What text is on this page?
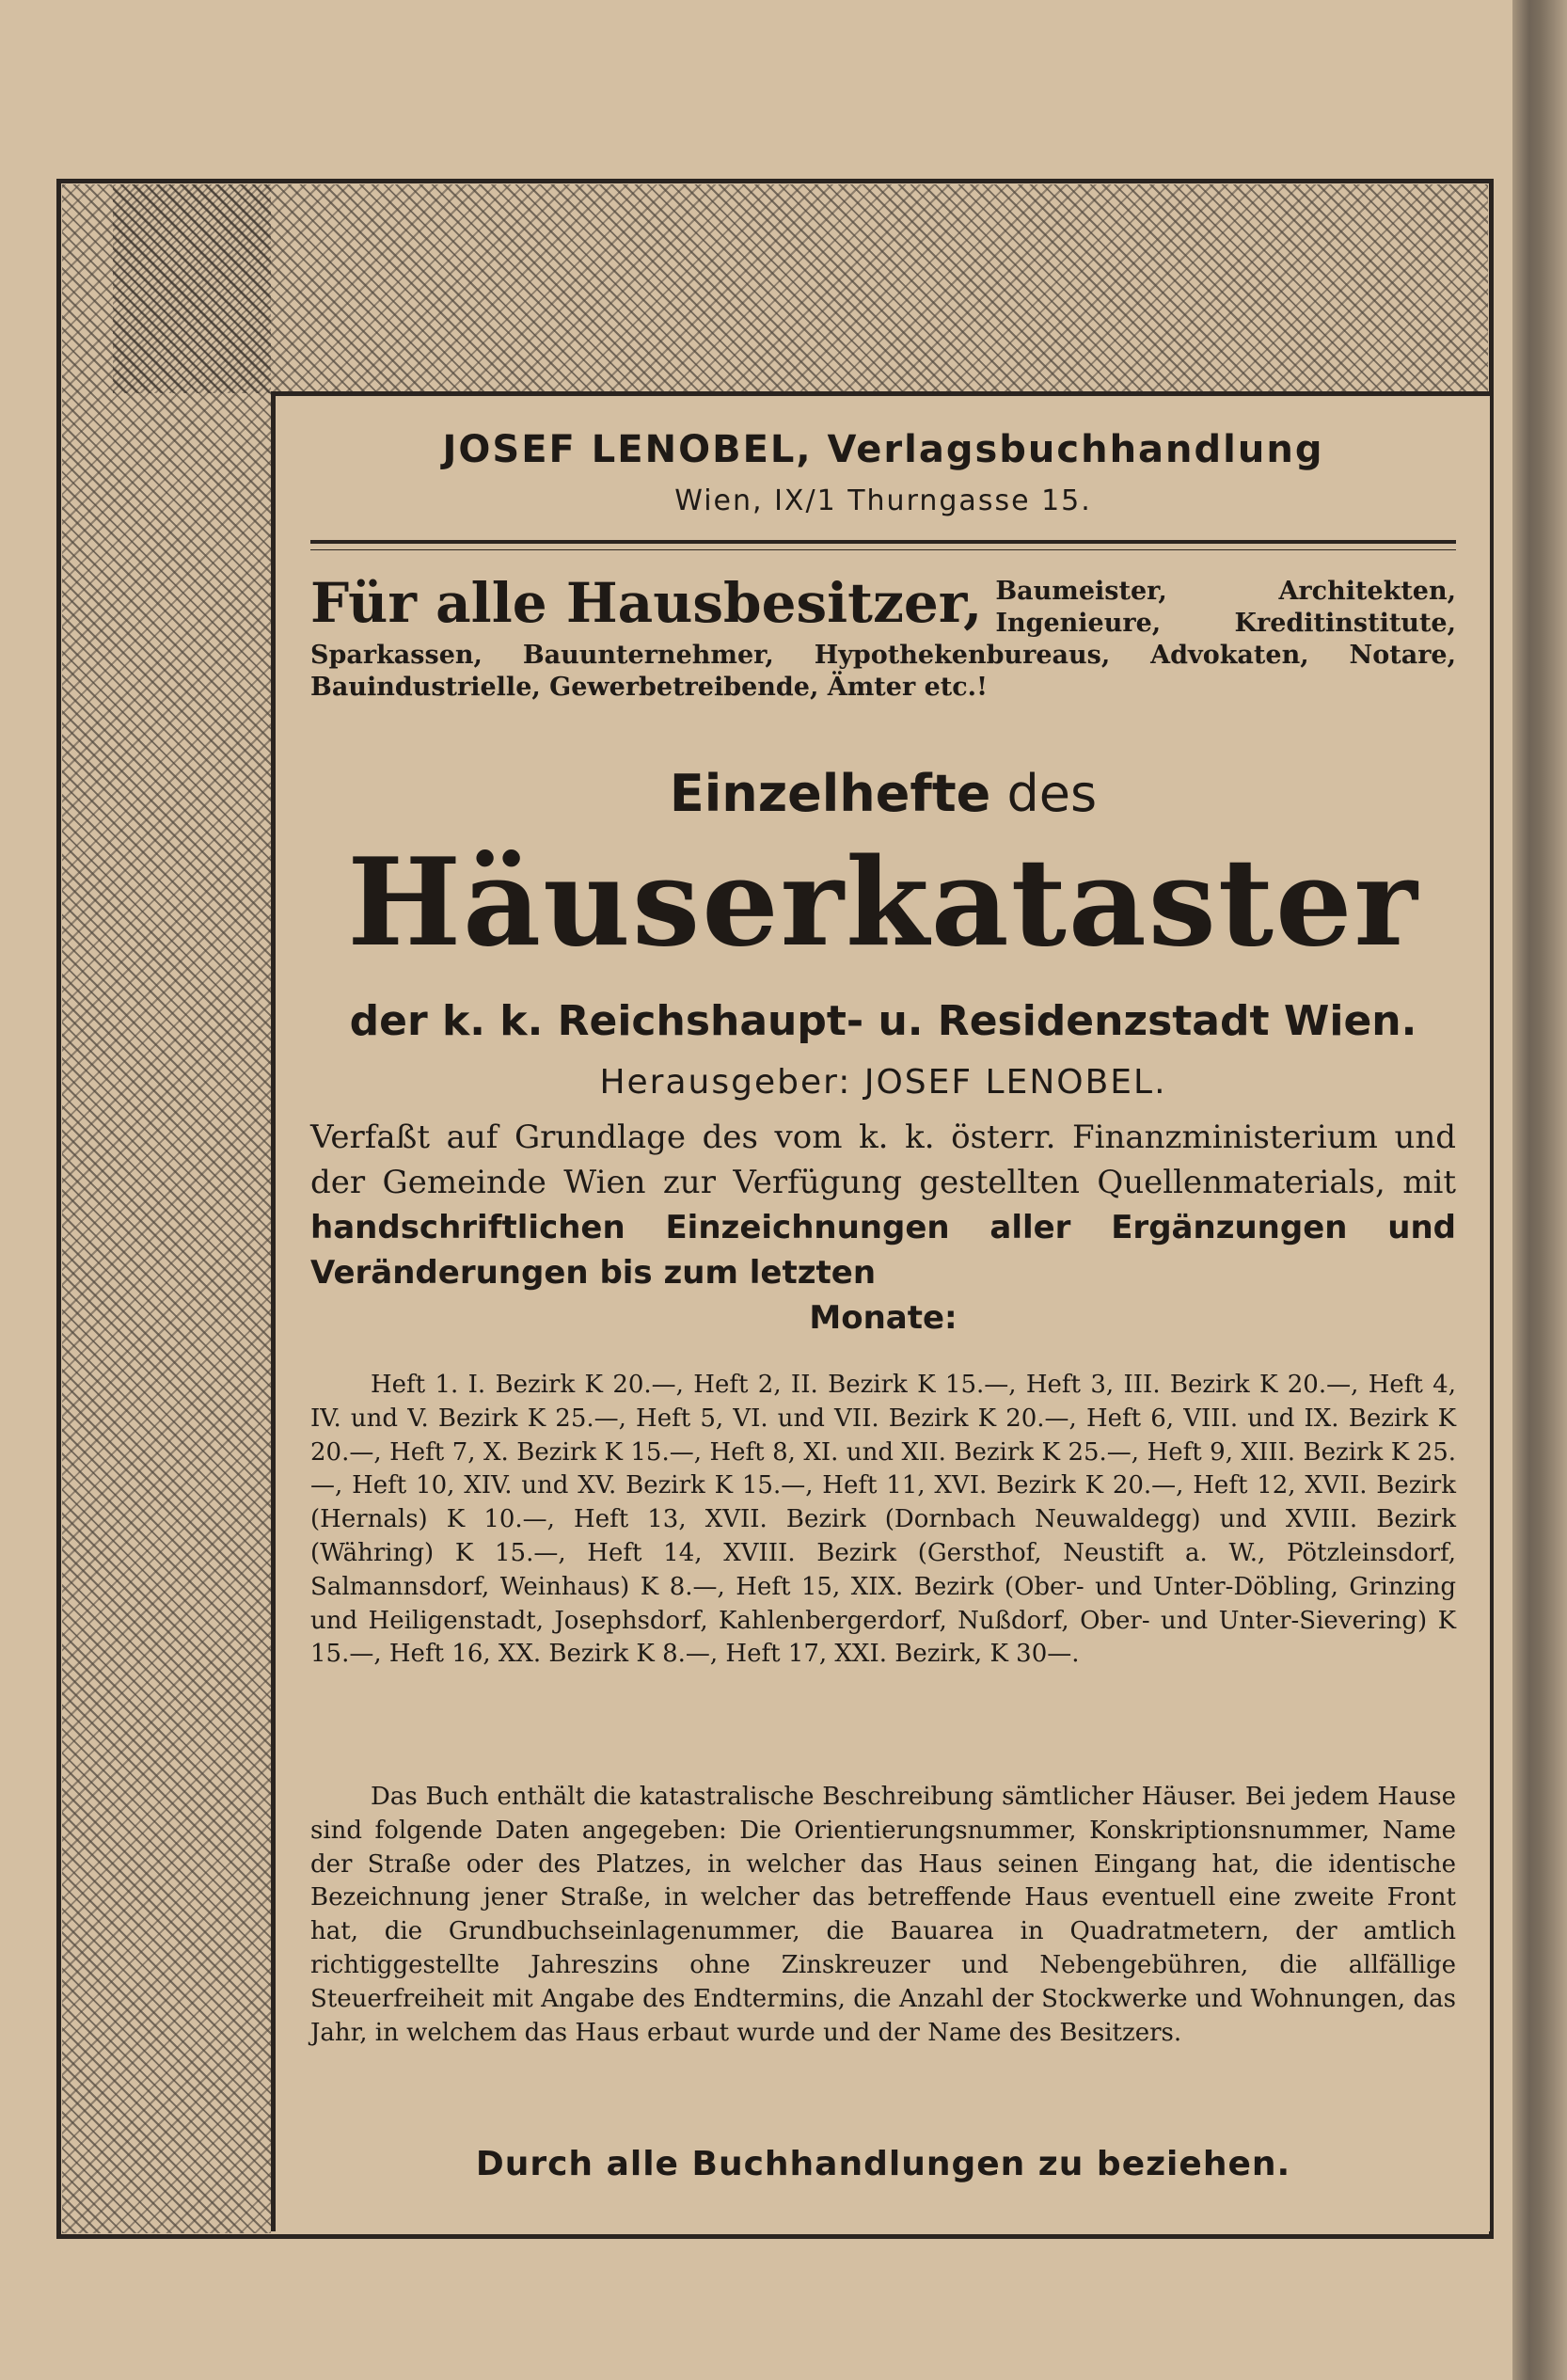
JOSEF LENOBEL, Verlagsbuchhandlung
Wien, IX/1 Thurngasse 15.
Für alle Hausbesitzer, Baumeister, Architekten, Ingenieure, Kreditinstitute, Sparkassen, Bauunternehmer, Hypothekenbureaus, Advokaten, Notare, Bauindustrielle, Gewerbetreibende, Ämter etc.!
Einzelhefte des
Häuserkataster
der k. k. Reichshaupt- u. Residenzstadt Wien.
Herausgeber: JOSEF LENOBEL.
Verfaßt auf Grundlage des vom k. k. österr. Finanzministerium und der Gemeinde Wien zur Verfügung gestellten Quellenmaterials, mit handschriftlichen Einzeichnungen aller Ergänzungen und Veränderungen bis zum letzten
Monate:
Heft 1. I. Bezirk K 20.—, Heft 2, II. Bezirk K 15.—, Heft 3, III. Bezirk K 20.—, Heft 4, IV. und V. Bezirk K 25.—, Heft 5, VI. und VII. Bezirk K 20.—, Heft 6, VIII. und IX. Bezirk K 20.—, Heft 7, X. Bezirk K 15.—, Heft 8, XI. und XII. Bezirk K 25.—, Heft 9, XIII. Bezirk K 25.—, Heft 10, XIV. und XV. Bezirk K 15.—, Heft 11, XVI. Bezirk K 20.—, Heft 12, XVII. Bezirk (Hernals) K 10.—, Heft 13, XVII. Bezirk (Dornbach Neuwaldegg) und XVIII. Bezirk (Währing) K 15.—, Heft 14, XVIII. Bezirk (Gersthof, Neustift a. W., Pötzleinsdorf, Salmannsdorf, Weinhaus) K 8.—, Heft 15, XIX. Bezirk (Ober- und Unter-Döbling, Grinzing und Heiligenstadt, Josephsdorf, Kahlenbergerdorf, Nußdorf, Ober- und Unter-Sievering) K 15.—, Heft 16, XX. Bezirk K 8.—, Heft 17, XXI. Bezirk, K 30—.
Das Buch enthält die katastralische Beschreibung sämtlicher Häuser. Bei jedem Hause sind folgende Daten angegeben: Die Orientierungsnummer, Konskriptionsnummer, Name der Straße oder des Platzes, in welcher das Haus seinen Eingang hat, die identische Bezeichnung jener Straße, in welcher das betreffende Haus eventuell eine zweite Front hat, die Grundbuchseinlagenummer, die Bauarea in Quadratmetern, der amtlich richtiggestellte Jahreszins ohne Zinskreuzer und Nebengebühren, die allfällige Steuerfreiheit mit Angabe des Endtermins, die Anzahl der Stockwerke und Wohnungen, das Jahr, in welchem das Haus erbaut wurde und der Name des Besitzers.
Durch alle Buchhandlungen zu beziehen.
